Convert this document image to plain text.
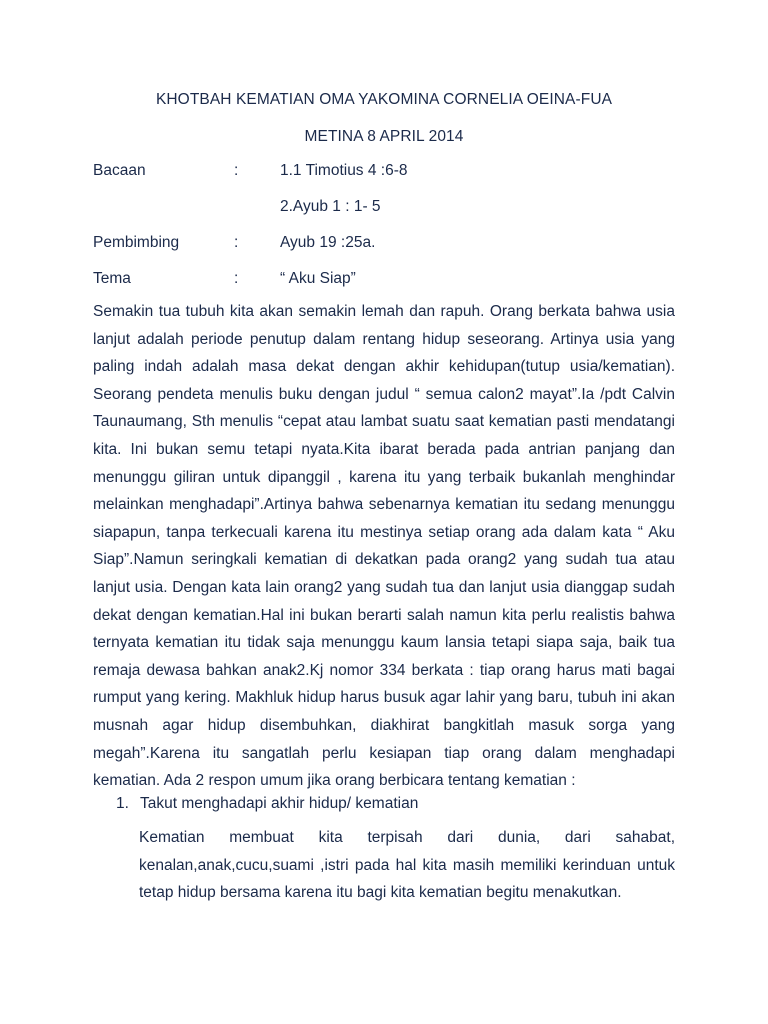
KHOTBAH KEMATIAN OMA YAKOMINA CORNELIA OEINA-FUA
METINA 8 APRIL 2014
Bacaan	:	1.1 Timotius 4 :6-8
2.Ayub 1 : 1- 5
Pembimbing	:	Ayub 19 :25a.
Tema	:	“ Aku Siap”

Semakin tua tubuh kita akan semakin lemah dan rapuh. Orang berkata bahwa usia lanjut adalah periode penutup dalam rentang hidup seseorang. Artinya usia yang paling indah adalah masa dekat dengan akhir kehidupan(tutup usia/kematian). Seorang pendeta menulis buku dengan judul “ semua calon2 mayat”.Ia /pdt Calvin Taunaumang, Sth menulis “cepat atau lambat suatu saat kematian pasti mendatangi kita. Ini bukan semu tetapi nyata.Kita ibarat berada pada antrian panjang dan menunggu giliran untuk dipanggil , karena itu yang terbaik bukanlah menghindar melainkan menghadapi”.Artinya bahwa sebenarnya kematian itu sedang menunggu siapapun, tanpa terkecuali karena itu mestinya setiap orang ada dalam kata “ Aku Siap”.Namun seringkali kematian di dekatkan pada orang2 yang sudah tua atau lanjut usia. Dengan kata lain orang2 yang sudah tua dan lanjut usia dianggap sudah dekat dengan kematian.Hal ini bukan berarti salah namun kita perlu realistis bahwa ternyata kematian itu tidak saja menunggu kaum lansia tetapi siapa saja, baik tua remaja dewasa bahkan anak2.Kj nomor 334 berkata : tiap orang harus mati bagai rumput yang kering. Makhluk hidup harus busuk agar lahir yang baru, tubuh ini akan musnah agar hidup disembuhkan, diakhirat bangkitlah masuk sorga yang megah”.Karena itu sangatlah perlu kesiapan tiap orang dalam menghadapi kematian. Ada 2 respon umum jika orang berbicara tentang kematian :

1. Takut menghadapi akhir hidup/ kematian

Kematian membuat kita terpisah dari dunia, dari sahabat, kenalan,anak,cucu,suami ,istri pada hal kita masih memiliki kerinduan untuk tetap hidup bersama karena itu bagi kita kematian begitu menakutkan.
